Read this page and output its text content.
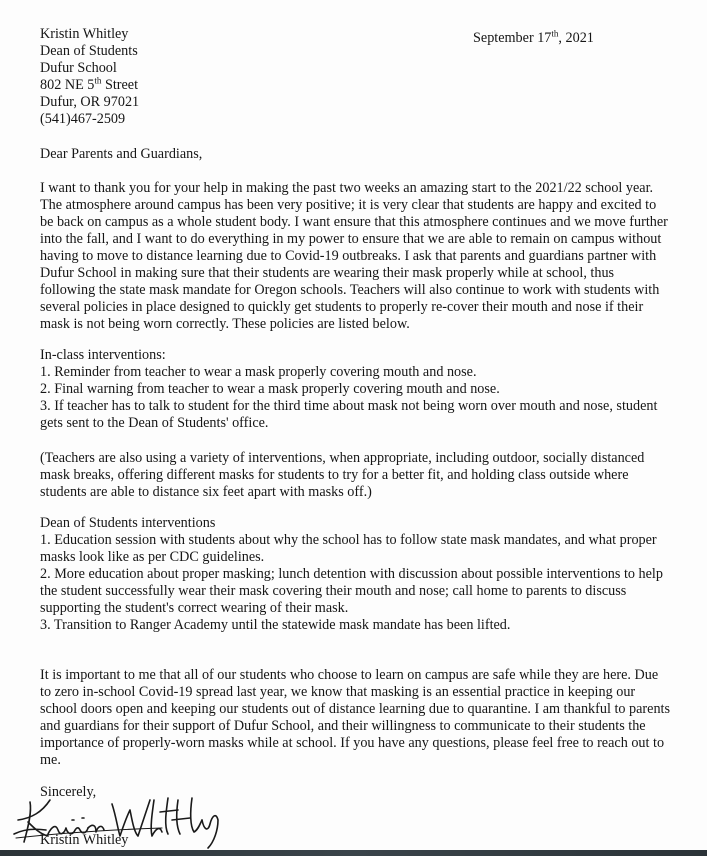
Kristin Whitley
Dean of Students
Dufur School
802 NE 5th Street
Dufur, OR 97021
(541)467-2509
September 17th, 2021
Dear Parents and Guardians,
I want to thank you for your help in making the past two weeks an amazing start to the 2021/22 school year. The atmosphere around campus has been very positive; it is very clear that students are happy and excited to be back on campus as a whole student body. I want ensure that this atmosphere continues and we move further into the fall, and I want to do everything in my power to ensure that we are able to remain on campus without having to move to distance learning due to Covid-19 outbreaks. I ask that parents and guardians partner with Dufur School in making sure that their students are wearing their mask properly while at school, thus following the state mask mandate for Oregon schools. Teachers will also continue to work with students with several policies in place designed to quickly get students to properly re-cover their mouth and nose if their mask is not being worn correctly. These policies are listed below.
In-class interventions:
1. Reminder from teacher to wear a mask properly covering mouth and nose.
2. Final warning from teacher to wear a mask properly covering mouth and nose.
3. If teacher has to talk to student for the third time about mask not being worn over mouth and nose, student gets sent to the Dean of Students' office.
(Teachers are also using a variety of interventions, when appropriate, including outdoor, socially distanced mask breaks, offering different masks for students to try for a better fit, and holding class outside where students are able to distance six feet apart with masks off.)
Dean of Students interventions
1. Education session with students about why the school has to follow state mask mandates, and what proper masks look like as per CDC guidelines.
2. More education about proper masking; lunch detention with discussion about possible interventions to help the student successfully wear their mask covering their mouth and nose; call home to parents to discuss supporting the student's correct wearing of their mask.
3. Transition to Ranger Academy until the statewide mask mandate has been lifted.
It is important to me that all of our students who choose to learn on campus are safe while they are here. Due to zero in-school Covid-19 spread last year, we know that masking is an essential practice in keeping our school doors open and keeping our students out of distance learning due to quarantine. I am thankful to parents and guardians for their support of Dufur School, and their willingness to communicate to their students the importance of properly-worn masks while at school. If you have any questions, please feel free to reach out to me.
Sincerely,
Kristin Whitley
